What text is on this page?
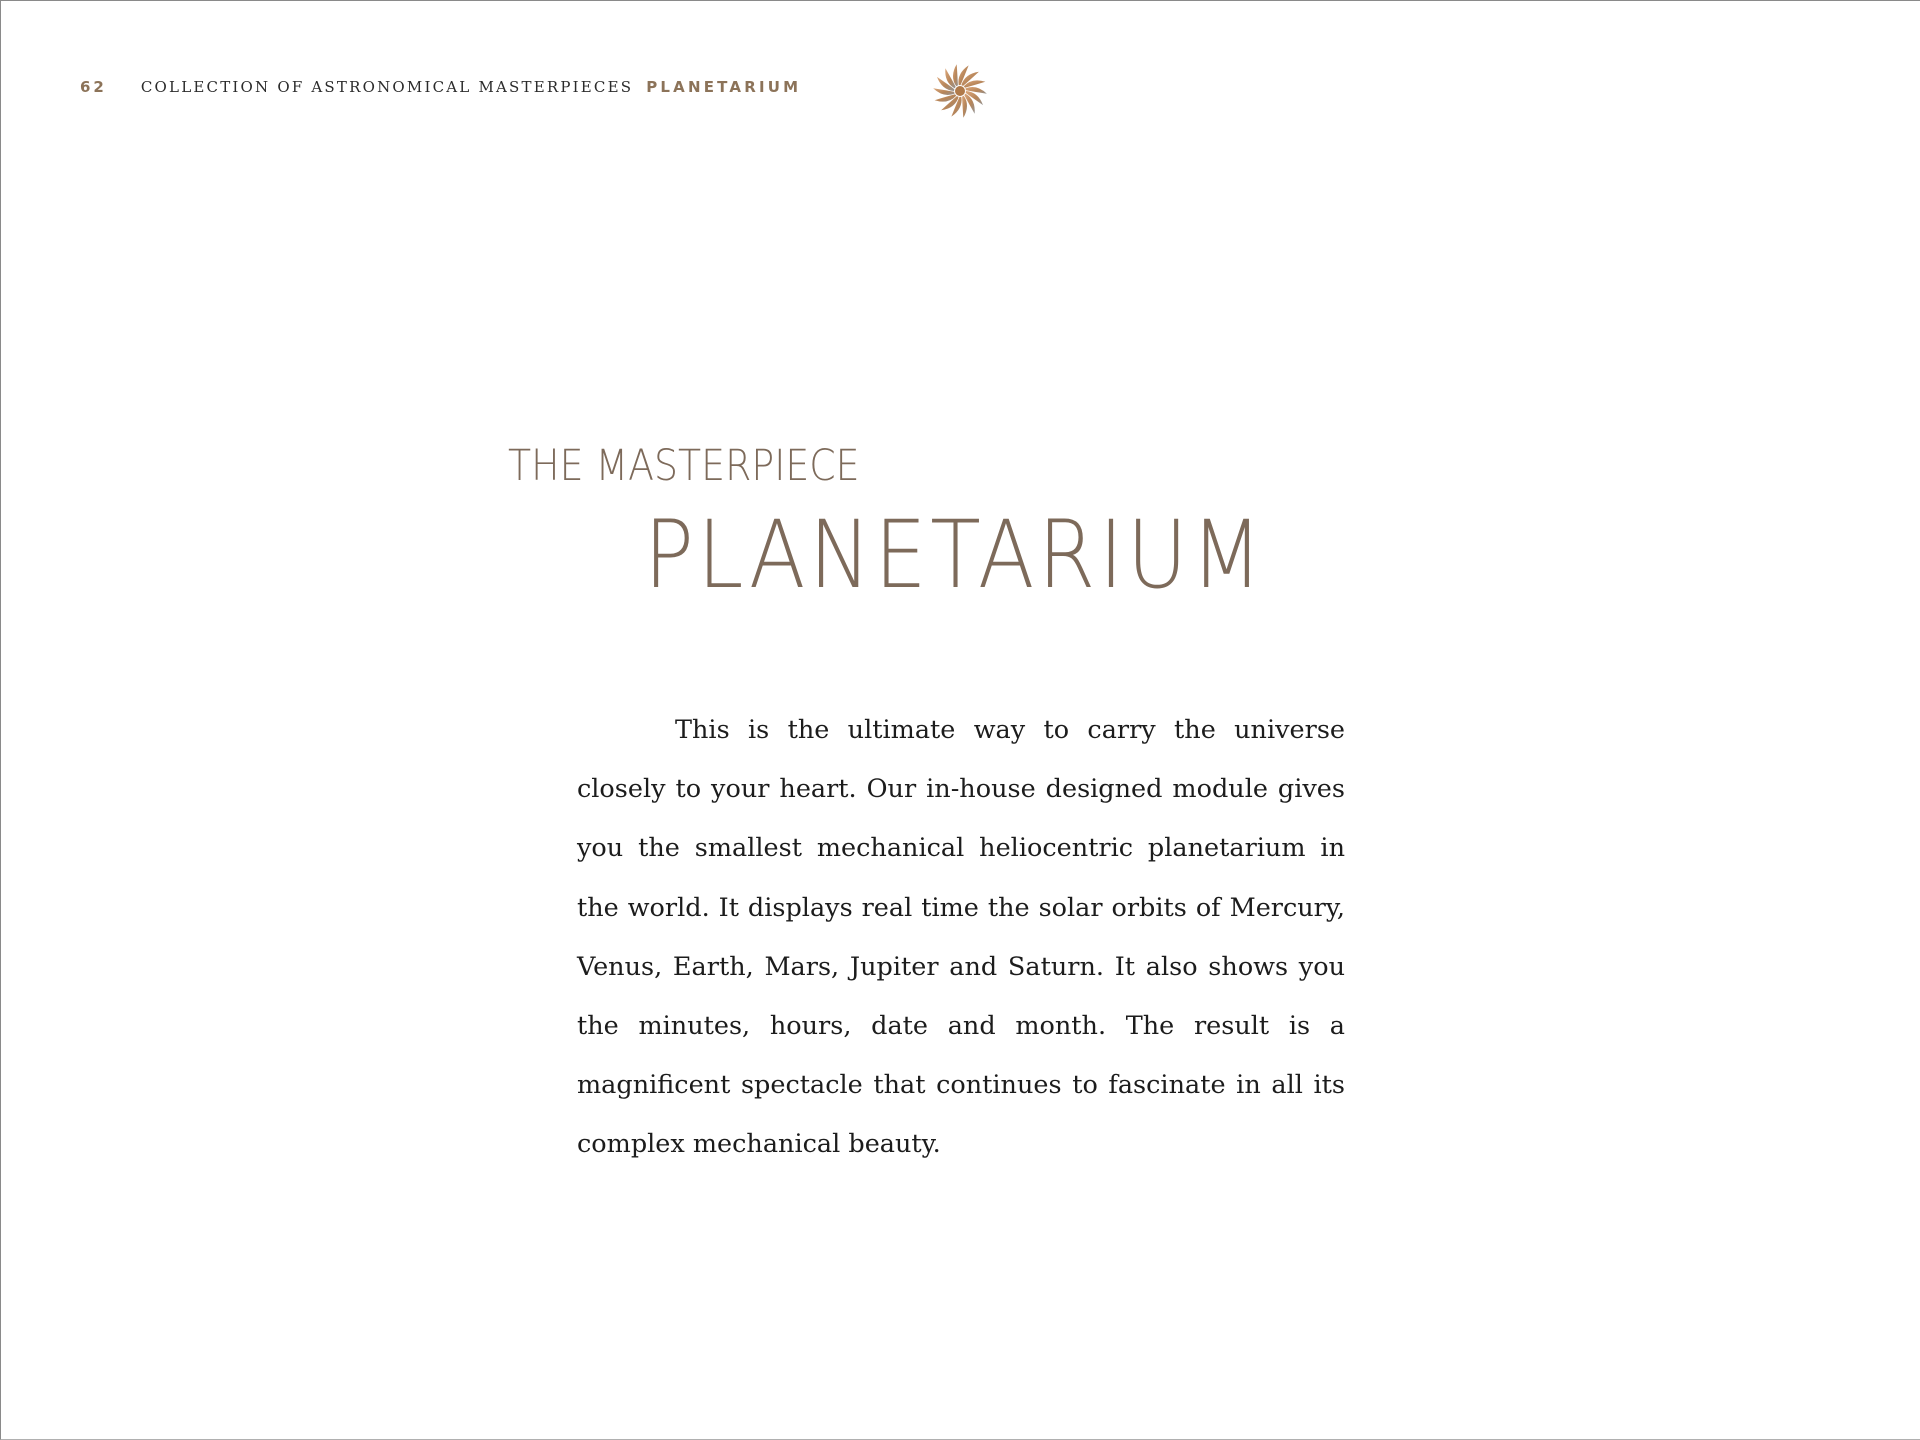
62 COLLECTION OF ASTRONOMICAL MASTERPIECES PLANETARIUM
THE MASTERPIECE
PLANETARIUM

This is the ultimate way to carry the universe closely to your heart. Our in-house designed module gives you the smallest mechanical heliocentric planetarium in the world. It displays real time the solar orbits of Mercury, Venus, Earth, Mars, Jupiter and Saturn. It also shows you the minutes, hours, date and month. The result is a magnificent spectacle that continues to fascinate in all its complex mechanical beauty.
